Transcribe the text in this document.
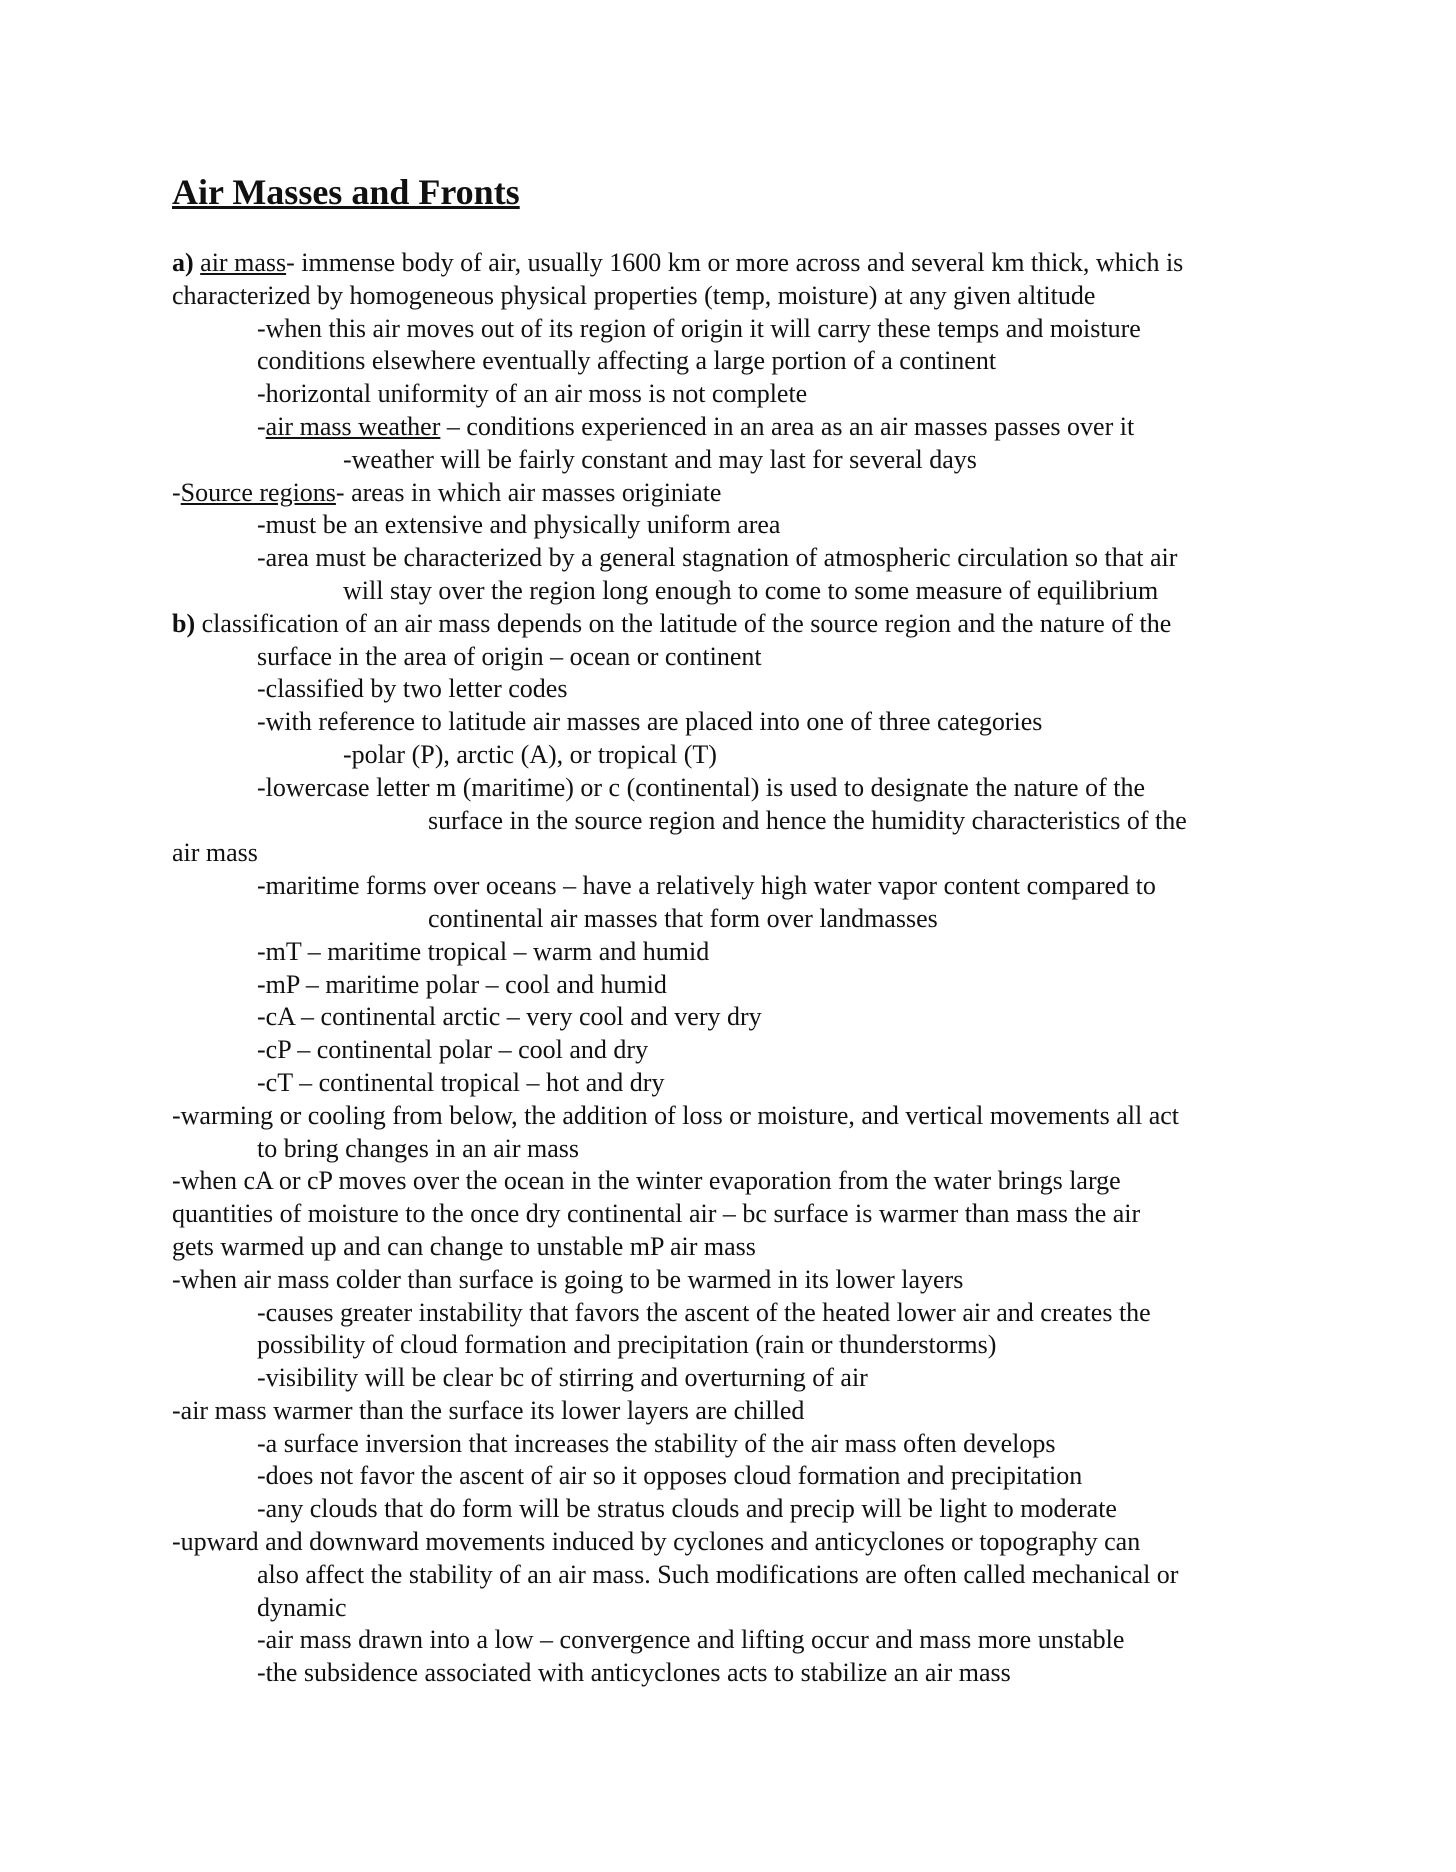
Air Masses and Fronts
a) air mass- immense body of air, usually 1600 km or more across and several km thick, which is
characterized by homogeneous physical properties (temp, moisture) at any given altitude
-when this air moves out of its region of origin it will carry these temps and moisture
conditions elsewhere eventually affecting a large portion of a continent
-horizontal uniformity of an air moss is not complete
-air mass weather – conditions experienced in an area as an air masses passes over it
-weather will be fairly constant and may last for several days
-Source regions- areas in which air masses originiate
-must be an extensive and physically uniform area
-area must be characterized by a general stagnation of atmospheric circulation so that air
will stay over the region long enough to come to some measure of equilibrium
b) classification of an air mass depends on the latitude of the source region and the nature of the
surface in the area of origin – ocean or continent
-classified by two letter codes
-with reference to latitude air masses are placed into one of three categories
-polar (P), arctic (A), or tropical (T)
-lowercase letter m (maritime) or c (continental) is used to designate the nature of the
surface in the source region and hence the humidity characteristics of the
air mass
-maritime forms over oceans – have a relatively high water vapor content compared to
continental air masses that form over landmasses
-mT – maritime tropical – warm and humid
-mP – maritime polar – cool and humid
-cA – continental arctic – very cool and very dry
-cP – continental polar – cool and dry
-cT – continental tropical – hot and dry
-warming or cooling from below, the addition of loss or moisture, and vertical movements all act
to bring changes in an air mass
-when cA or cP moves over the ocean in the winter evaporation from the water brings large
quantities of moisture to the once dry continental air – bc surface is warmer than mass the air
gets warmed up and can change to unstable mP air mass
-when air mass colder than surface is going to be warmed in its lower layers
-causes greater instability that favors the ascent of the heated lower air and creates the
possibility of cloud formation and precipitation (rain or thunderstorms)
-visibility will be clear bc of stirring and overturning of air
-air mass warmer than the surface its lower layers are chilled
-a surface inversion that increases the stability of the air mass often develops
-does not favor the ascent of air so it opposes cloud formation and precipitation
-any clouds that do form will be stratus clouds and precip will be light to moderate
-upward and downward movements induced by cyclones and anticyclones or topography can
also affect the stability of an air mass. Such modifications are often called mechanical or
dynamic
-air mass drawn into a low – convergence and lifting occur and mass more unstable
-the subsidence associated with anticyclones acts to stabilize an air mass
